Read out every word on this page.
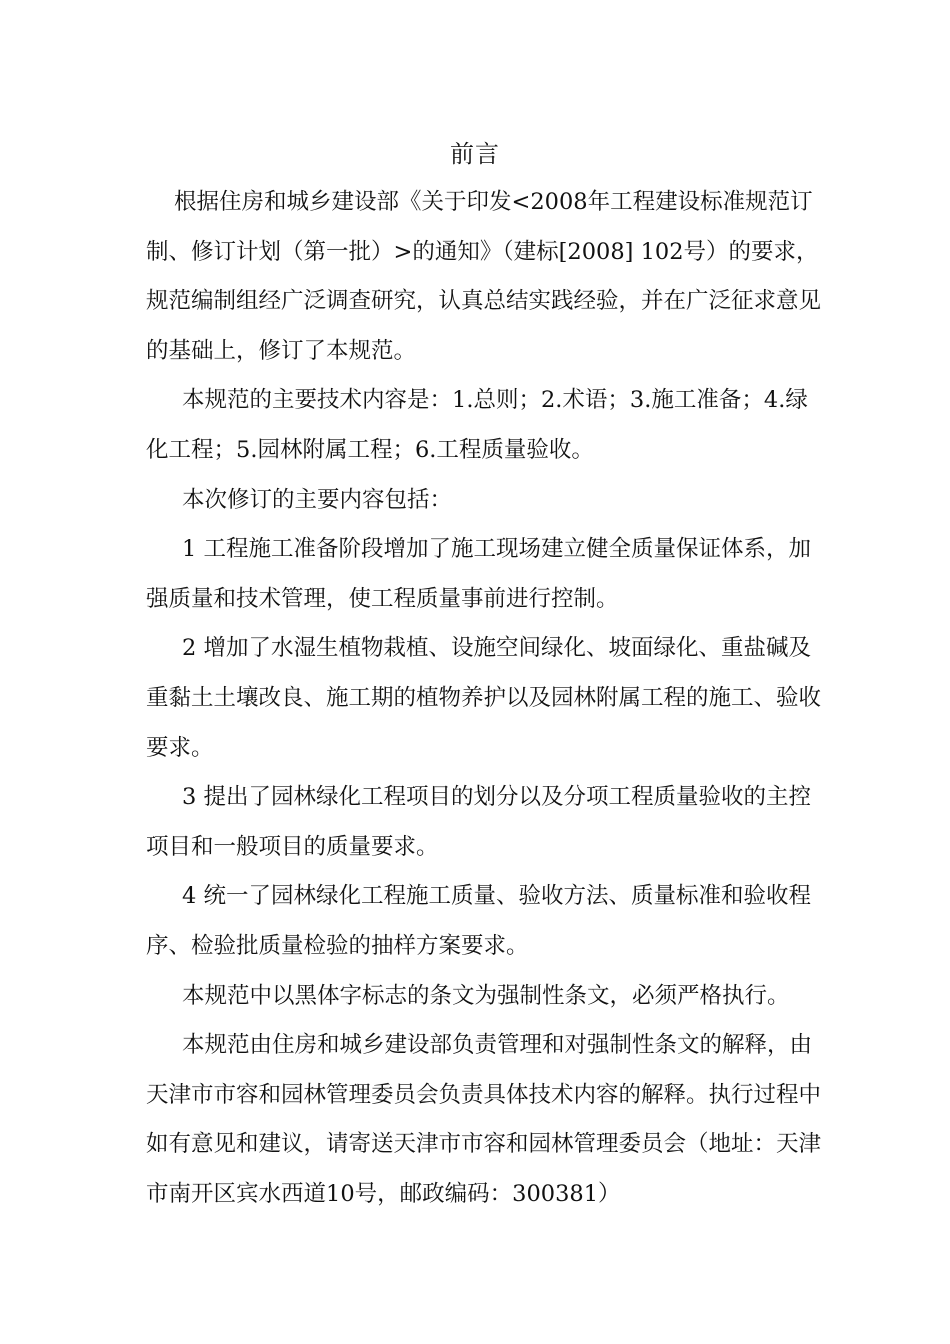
前言

根据住房和城乡建设部《关于印发<2008年工程建设标准规范订制、修订计划（第一批）>的通知》（建标[2008] 102号）的要求，规范编制组经广泛调查研究，认真总结实践经验，并在广泛征求意见的基础上，修订了本规范。

本规范的主要技术内容是：1.总则；2.术语；3.施工准备；4.绿化工程；5.园林附属工程；6.工程质量验收。

本次修订的主要内容包括：

1 工程施工准备阶段增加了施工现场建立健全质量保证体系，加强质量和技术管理，使工程质量事前进行控制。

2 增加了水湿生植物栽植、设施空间绿化、坡面绿化、重盐碱及重黏土土壤改良、施工期的植物养护以及园林附属工程的施工、验收要求。

3 提出了园林绿化工程项目的划分以及分项工程质量验收的主控项目和一般项目的质量要求。

4 统一了园林绿化工程施工质量、验收方法、质量标准和验收程序、检验批质量检验的抽样方案要求。

本规范中以黑体字标志的条文为强制性条文，必须严格执行。

本规范由住房和城乡建设部负责管理和对强制性条文的解释，由天津市市容和园林管理委员会负责具体技术内容的解释。执行过程中如有意见和建议，请寄送天津市市容和园林管理委员会（地址：天津市南开区宾水西道10号，邮政编码：300381）
